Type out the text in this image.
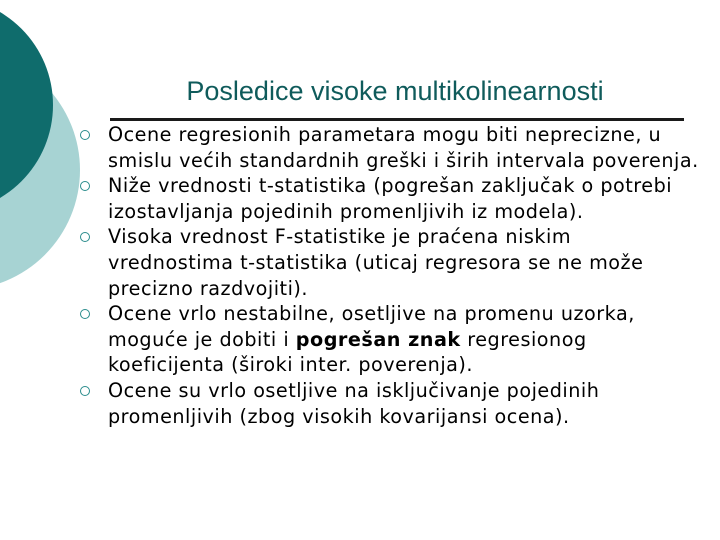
Posledice visoke multikolinearnosti
Ocene regresionih parametara mogu biti neprecizne, u smislu većih standardnih greški i širih intervala poverenja.
Niže vrednosti t-statistika (pogrešan zaključak o potrebi izostavljanja pojedinih promenljivih iz modela).
Visoka vrednost F-statistike je praćena niskim vrednostima t-statistika (uticaj regresora se ne može precizno razdvojiti).
Ocene vrlo nestabilne, osetljive na promenu uzorka, moguće je dobiti i pogrešan znak regresionog koeficijenta (široki inter. poverenja).
Ocene su vrlo osetljive na isključivanje pojedinih promenljivih (zbog visokih kovarijansi ocena).
